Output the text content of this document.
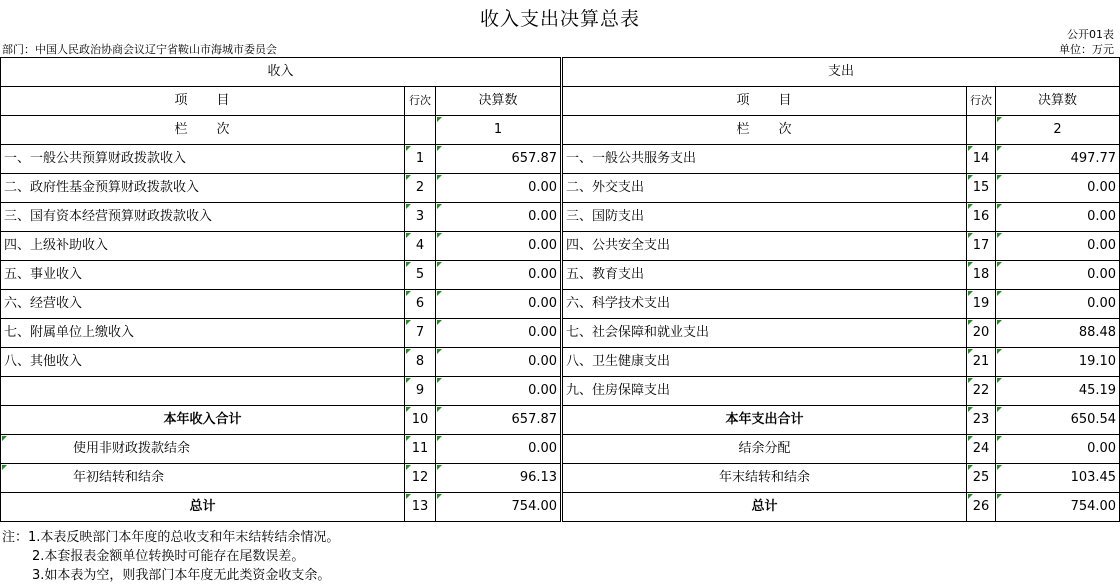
收入支出决算总表
公开01表
部门：中国人民政治协商会议辽宁省鞍山市海城市委员会	单位：万元
收入			支出		
项　　目	行次	决算数	项　　目	行次	决算数
栏　　次		1	栏　　次		2
一、一般公共预算财政拨款收入	1	657.87	一、一般公共服务支出	14	497.77
二、政府性基金预算财政拨款收入	2	0.00	二、外交支出	15	0.00
三、国有资本经营预算财政拨款收入	3	0.00	三、国防支出	16	0.00
四、上级补助收入	4	0.00	四、公共安全支出	17	0.00
五、事业收入	5	0.00	五、教育支出	18	0.00
六、经营收入	6	0.00	六、科学技术支出	19	0.00
七、附属单位上缴收入	7	0.00	七、社会保障和就业支出	20	88.48
八、其他收入	8	0.00	八、卫生健康支出	21	19.10
	9	0.00	九、住房保障支出	22	45.19
本年收入合计	10	657.87	本年支出合计	23	650.54
使用非财政拨款结余	11	0.00	结余分配	24	0.00
年初结转和结余	12	96.13	年末结转和结余	25	103.45
总计	13	754.00	总计	26	754.00
注：1.本表反映部门本年度的总收支和年末结转结余情况。
2.本套报表金额单位转换时可能存在尾数误差。
3.如本表为空，则我部门本年度无此类资金收支余。
